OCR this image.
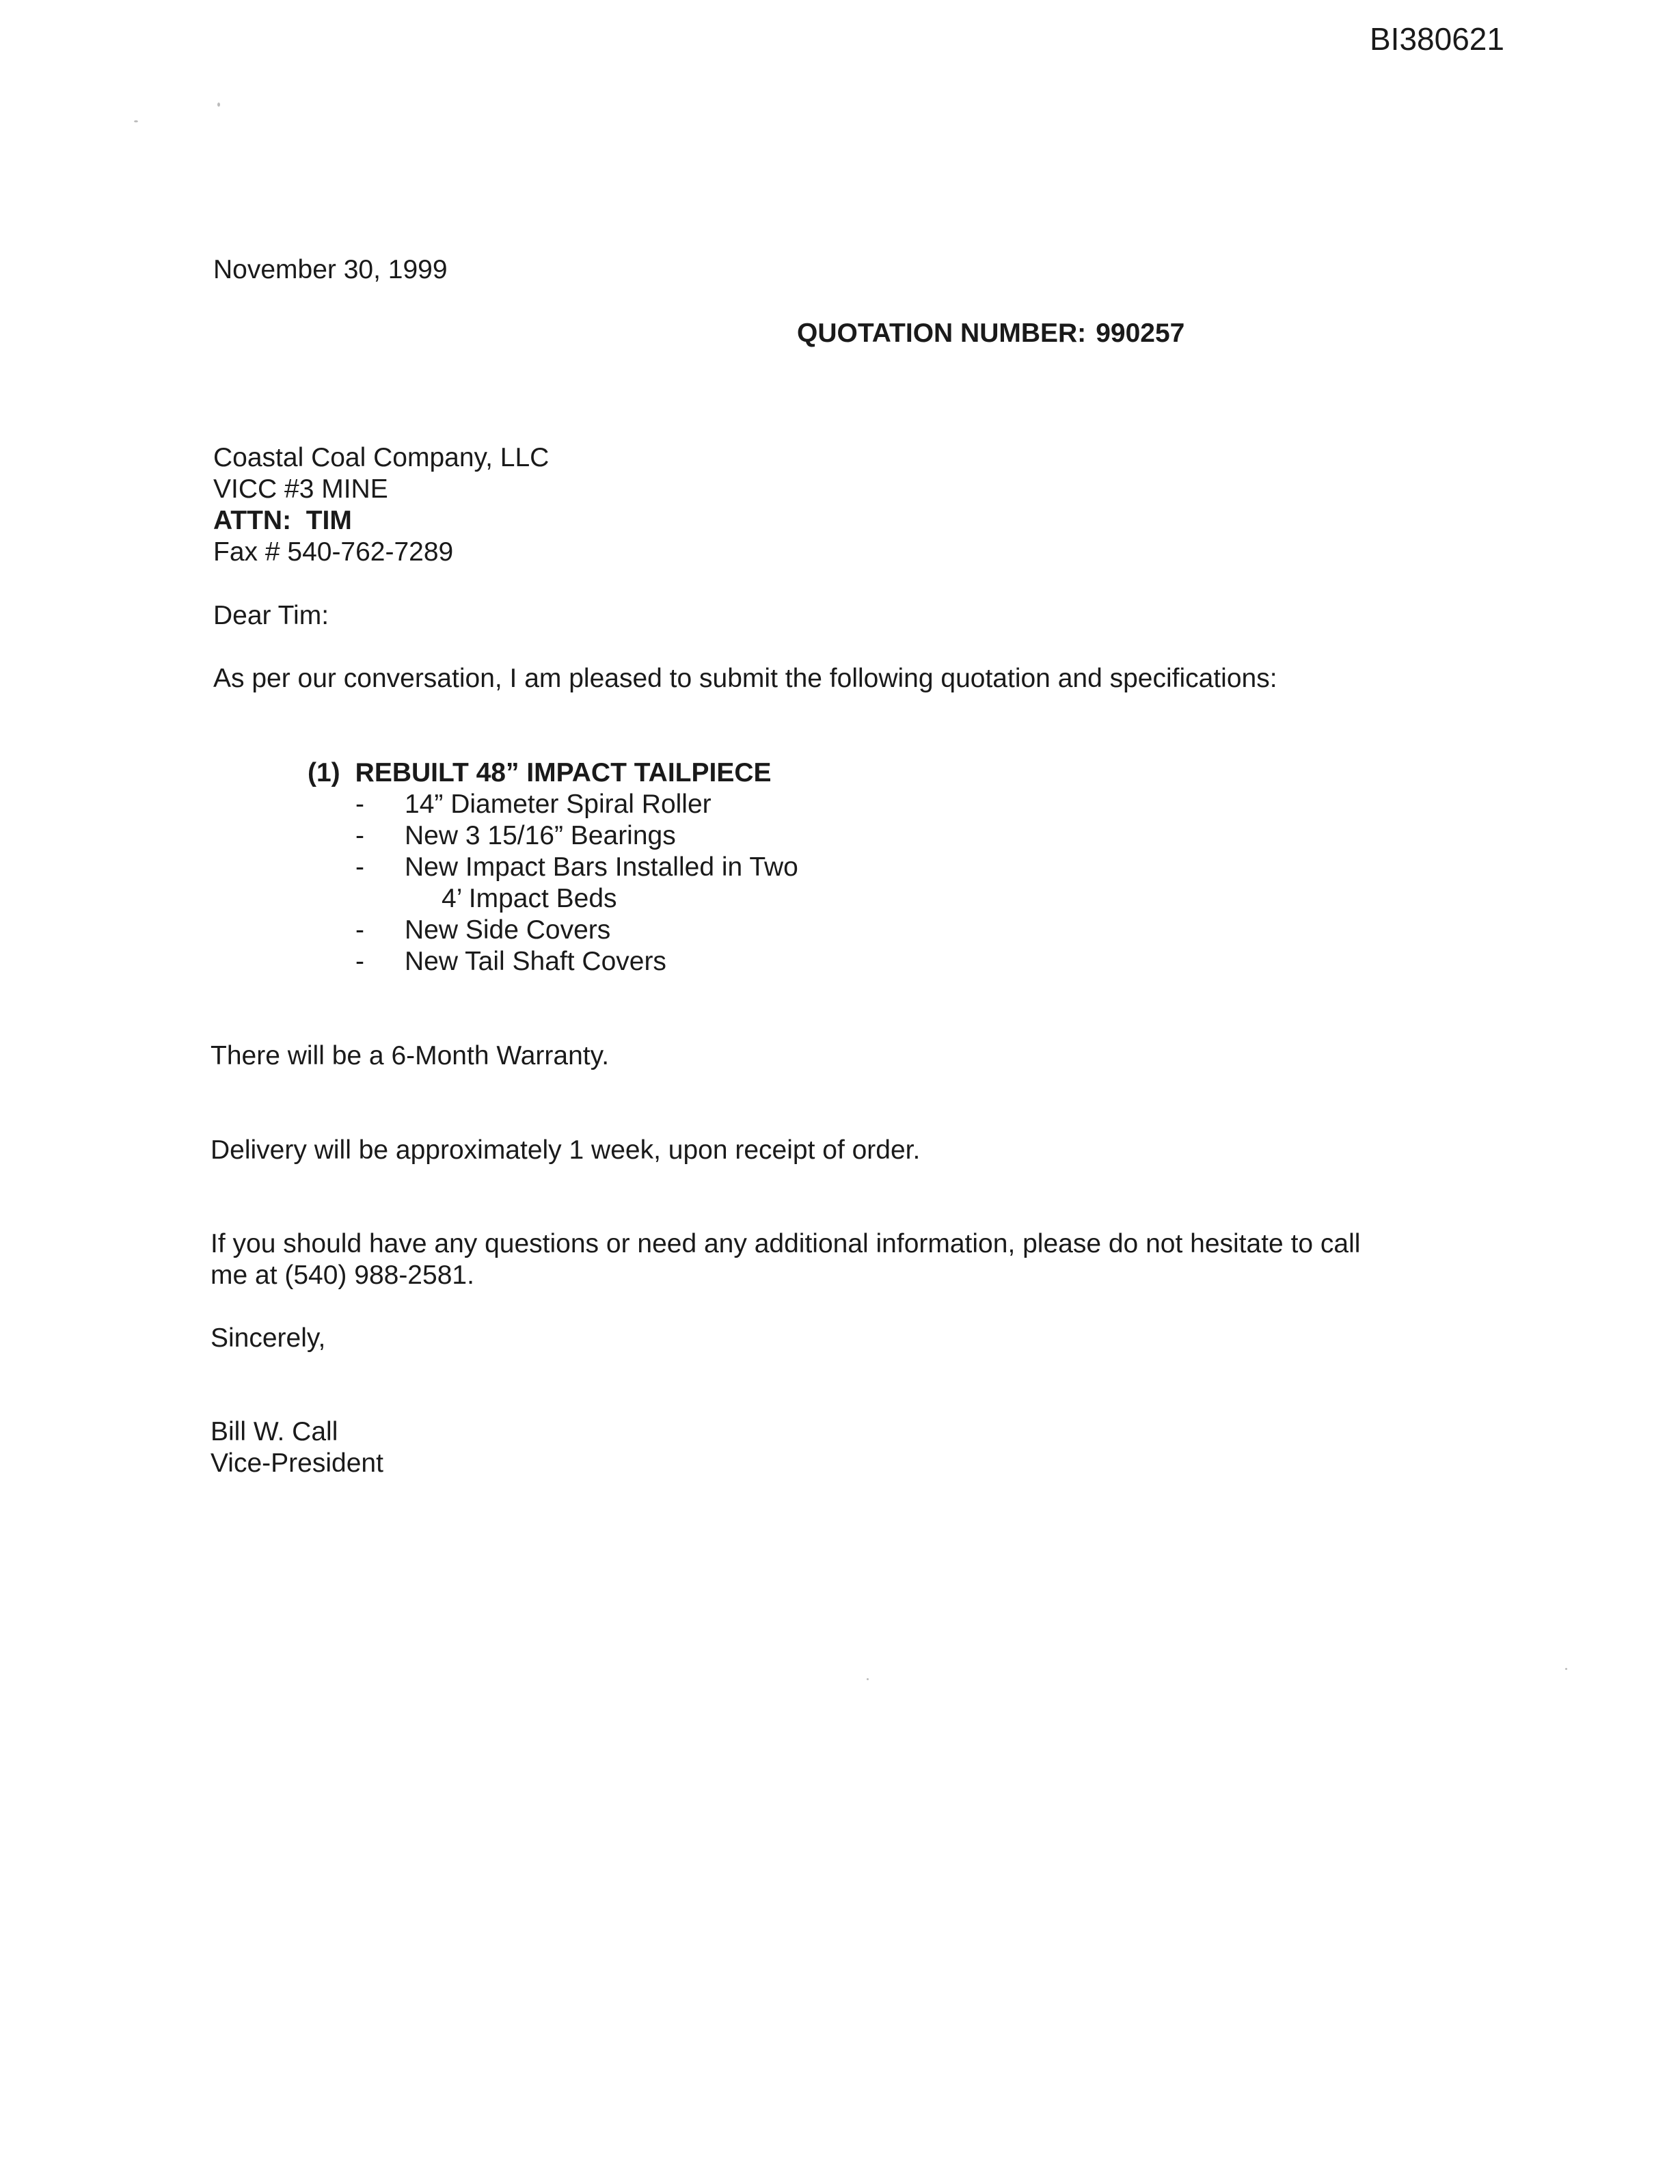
BI380621
November 30, 1999
QUOTATION NUMBER: 990257
Coastal Coal Company, LLC
VICC #3 MINE
ATTN:  TIM
Fax # 540-762-7289
Dear Tim:
As per our conversation, I am pleased to submit the following quotation and specifications:
(1) REBUILT 48” IMPACT TAILPIECE
-	14” Diameter Spiral Roller
-	New 3 15/16” Bearings
-	New Impact Bars Installed in Two
4’ Impact Beds
-	New Side Covers
-	New Tail Shaft Covers
There will be a 6-Month Warranty.
Delivery will be approximately 1 week, upon receipt of order.
If you should have any questions or need any additional information, please do not hesitate to call
me at (540) 988-2581.
Sincerely,
Bill W. Call
Vice-President
